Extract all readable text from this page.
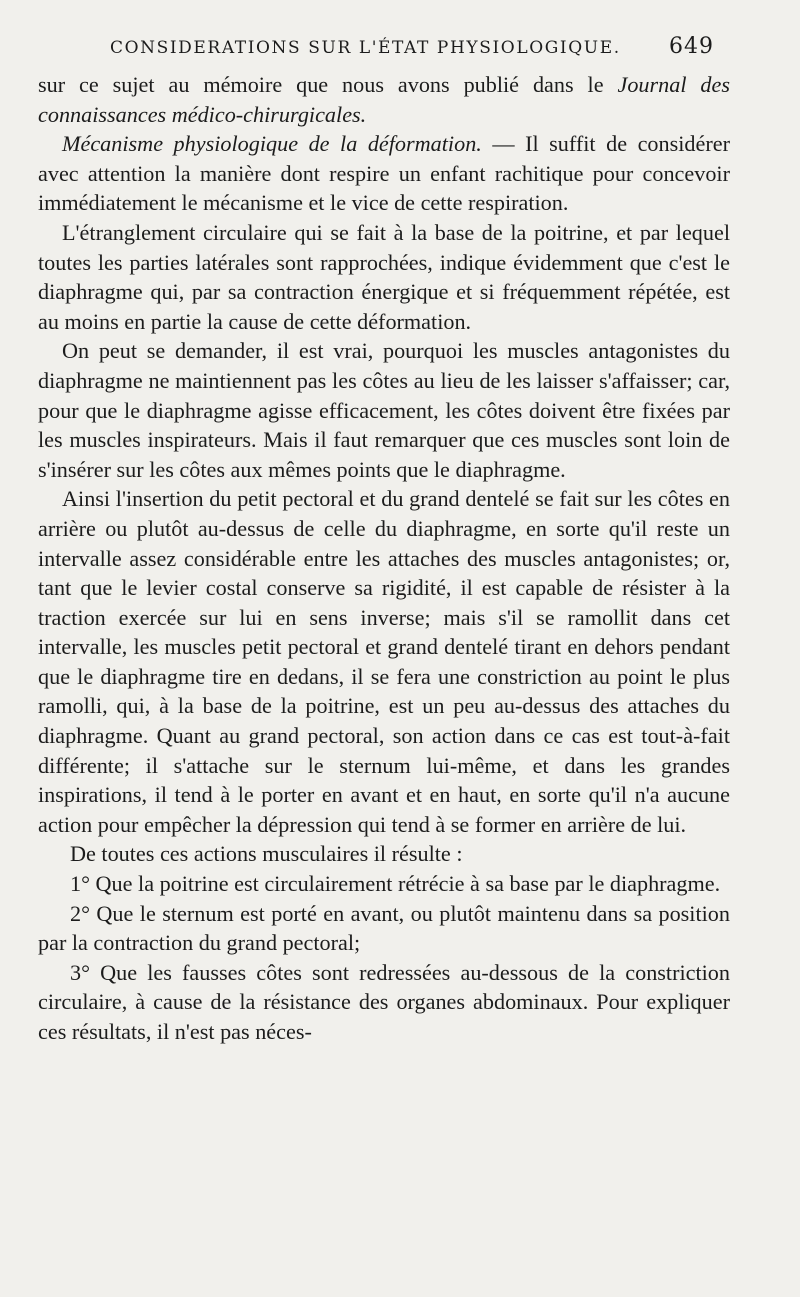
CONSIDERATIONS SUR L'ÉTAT PHYSIOLOGIQUE. 649

sur ce sujet au mémoire que nous avons publié dans le Journal des connaissances médico-chirurgicales.

Mécanisme physiologique de la déformation. — Il suffit de considérer avec attention la manière dont respire un enfant rachitique pour concevoir immédiatement le mécanisme et le vice de cette respiration.

L'étranglement circulaire qui se fait à la base de la poitrine, et par lequel toutes les parties latérales sont rapprochées, indique évidemment que c'est le diaphragme qui, par sa contraction énergique et si fréquemment répétée, est au moins en partie la cause de cette déformation.

On peut se demander, il est vrai, pourquoi les muscles antagonistes du diaphragme ne maintiennent pas les côtes au lieu de les laisser s'affaisser; car, pour que le diaphragme agisse efficacement, les côtes doivent être fixées par les muscles inspirateurs. Mais il faut remarquer que ces muscles sont loin de s'insérer sur les côtes aux mêmes points que le diaphragme.

Ainsi l'insertion du petit pectoral et du grand dentelé se fait sur les côtes en arrière ou plutôt au-dessus de celle du diaphragme, en sorte qu'il reste un intervalle assez considérable entre les attaches des muscles antagonistes; or, tant que le levier costal conserve sa rigidité, il est capable de résister à la traction exercée sur lui en sens inverse; mais s'il se ramollit dans cet intervalle, les muscles petit pectoral et grand dentelé tirant en dehors pendant que le diaphragme tire en dedans, il se fera une constriction au point le plus ramolli, qui, à la base de la poitrine, est un peu au-dessus des attaches du diaphragme. Quant au grand pectoral, son action dans ce cas est tout-à-fait différente; il s'attache sur le sternum lui-même, et dans les grandes inspirations, il tend à le porter en avant et en haut, en sorte qu'il n'a aucune action pour empêcher la dépression qui tend à se former en arrière de lui.

De toutes ces actions musculaires il résulte :

1° Que la poitrine est circulairement rétrécie à sa base par le diaphragme.

2° Que le sternum est porté en avant, ou plutôt maintenu dans sa position par la contraction du grand pectoral;

3° Que les fausses côtes sont redressées au-dessous de la constriction circulaire, à cause de la résistance des organes abdominaux. Pour expliquer ces résultats, il n'est pas néces-
